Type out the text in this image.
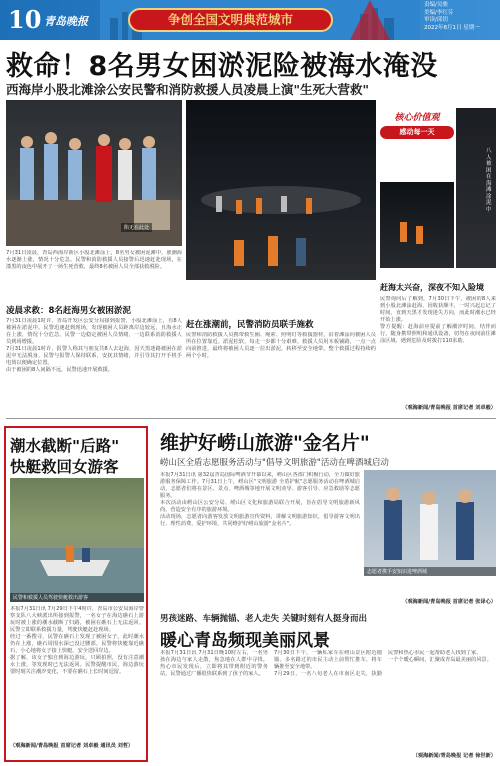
10 青岛晚报	争创全国文明典范城市
责编/吴骏
美编/李红芬
审读/邱钥
2022年8月1日 星期一
救命！8名男女困淤泥险被海水淹没
西海岸小股北滩涂公安民警和消防救援人员凌晨上演"生死大营救"
陷无在此处
核心价值观
感动每一天
八人被困在海滩涂泥中
7月31日凌晨，青岛西海岸新区小股北滩涂上，8名男女被困泥滩中，涨潮海水逐渐上涨，情况十分危急。民警和消防救援人员接警后迅速赶赴现场，在漆黑的夜色中展开了一场生死营救，最终8名被困人员全部获救脱险。
凌晨求救：8名赶海男女被困淤泥
7月31日凌晨1时许，青岛开发区公安分局接到报警，小股北滩涂上，有8人被困在淤泥中。民警迅速赶到现场，发现被困人员距离岸边较远，且海水正在上涨，情况十分危急。民警一边稳定被困人员情绪，一边联系消防救援人员到场增援。
7月31日凌晨1时许，报警人称其与朋友共8人去赶海，因天黑迷路被困在淤泥中无法脱身。民警与报警人保持联系，安抚其情绪，并引导其打开手机手电筒以便确定位置。
由于被困的8人间隔不远，民警迅速开展救援。
赶在涨潮前，民警消防员联手施救
民警和消防救援人员携带救生圈、绳索、照明灯等救援器材，沿着滩涂向被困人员所在位置靠近。淤泥松软，每走一步都十分艰难。救援人员用木板铺路，一点一点向前推进，最终将被困人员逐一拉出淤泥，转移至安全地带。整个救援过程持续约两个小时。
赶海太兴奋，深夜不知入险境
民警询问后了解到，7月30日下午，被困的8人来到小股北滩涂赶海，因收获颇丰，一时兴起忘记了时间，直到天黑才发现迷失方向，而此时潮水已经开始上涨。
警方提醒：赶海前应提前了解潮汐时间，结伴而行，随身携带照明和通讯设备，切勿在夜间前往滩涂区域，遇到危险及时拨打110求助。
（观海新闻/青岛晚报 首席记者 刘卓毅）
潮水截断"后路"
快艇救回女游客
民警和救援人员驾驶快艇救出游客
本报7月31日讯 7月29日下午4时许，青岛市公安局海岸警察支队八大峡派出所接到报警，一名女子在海边礁石上游玩时被上涨的潮水截断了归路，被困在礁石上无法返回。民警立即联系救援力量，驾驶快艇赶赴现场。
经过一番搜寻，民警在礁石上发现了被困女子。此时潮水仍在上涨，礁石周围水深已没过腰部。民警将快艇靠近礁石，小心地将女子接上快艇，安全送回岸边。
据了解，该女子独自到海边游玩，只顾拍照，没有注意潮水上涨，等发现时已无法返回。民警提醒市民，海边游玩要时刻关注潮汐变化，不要在礁石上长时间逗留。
（观海新闻/青岛晚报 首席记者 刘卓毅 通讯员 刘哲）
维护好崂山旅游"金名片"
崂山区全盾志愿服务活动与"倡导文明旅游"活动在啤酒城启动
本报7月31日讯 第32届青岛国际啤酒节开幕以来，崂山区各部门积极行动，全力做好旅游服务保障工作。7月31日上午，崂山区"文明旅游 全盾护航"志愿服务活动在啤酒城启动，志愿者们将在景区、景点、啤酒城等地开展文明劝导、游客引导、应急救助等志愿服务。
本次活动由崂山区公安分局、崂山区文化和旅游局联合开展，旨在倡导文明旅游新风尚，营造安全有序的旅游环境。
活动现场，志愿者向游客发放文明旅游宣传资料，讲解文明旅游知识，倡导游客文明出行、理性消费、爱护环境，共同维护好崂山旅游"金名片"。
志愿者携手安知识进啤酒城
（观海新闻/青岛晚报 首席记者 张译心）
男孩迷路、车辆抛锚、老人走失 关键时刻有人挺身而出
暖心青岛频现美丽风景
本报7月31日讯 7月31日晚10时左右，一名男孩在海边与家人走散，焦急地在人群中寻找。热心市民发现后，立即将其带到附近的警务站，民警通过广播很快联系到了孩子的家人。
7月30日下午，一辆私家车在崂山景区附近抛锚，多名路过的市民主动上前帮忙推车，将车辆推至安全地带。
7月29日，一名八旬老人在市南区走失，执勤民警和热心市民一起帮助老人找到了家。
一个个暖心瞬间，汇聚成青岛最美丽的风景。
（观海新闻/青岛晚报 记者 徐世新）
